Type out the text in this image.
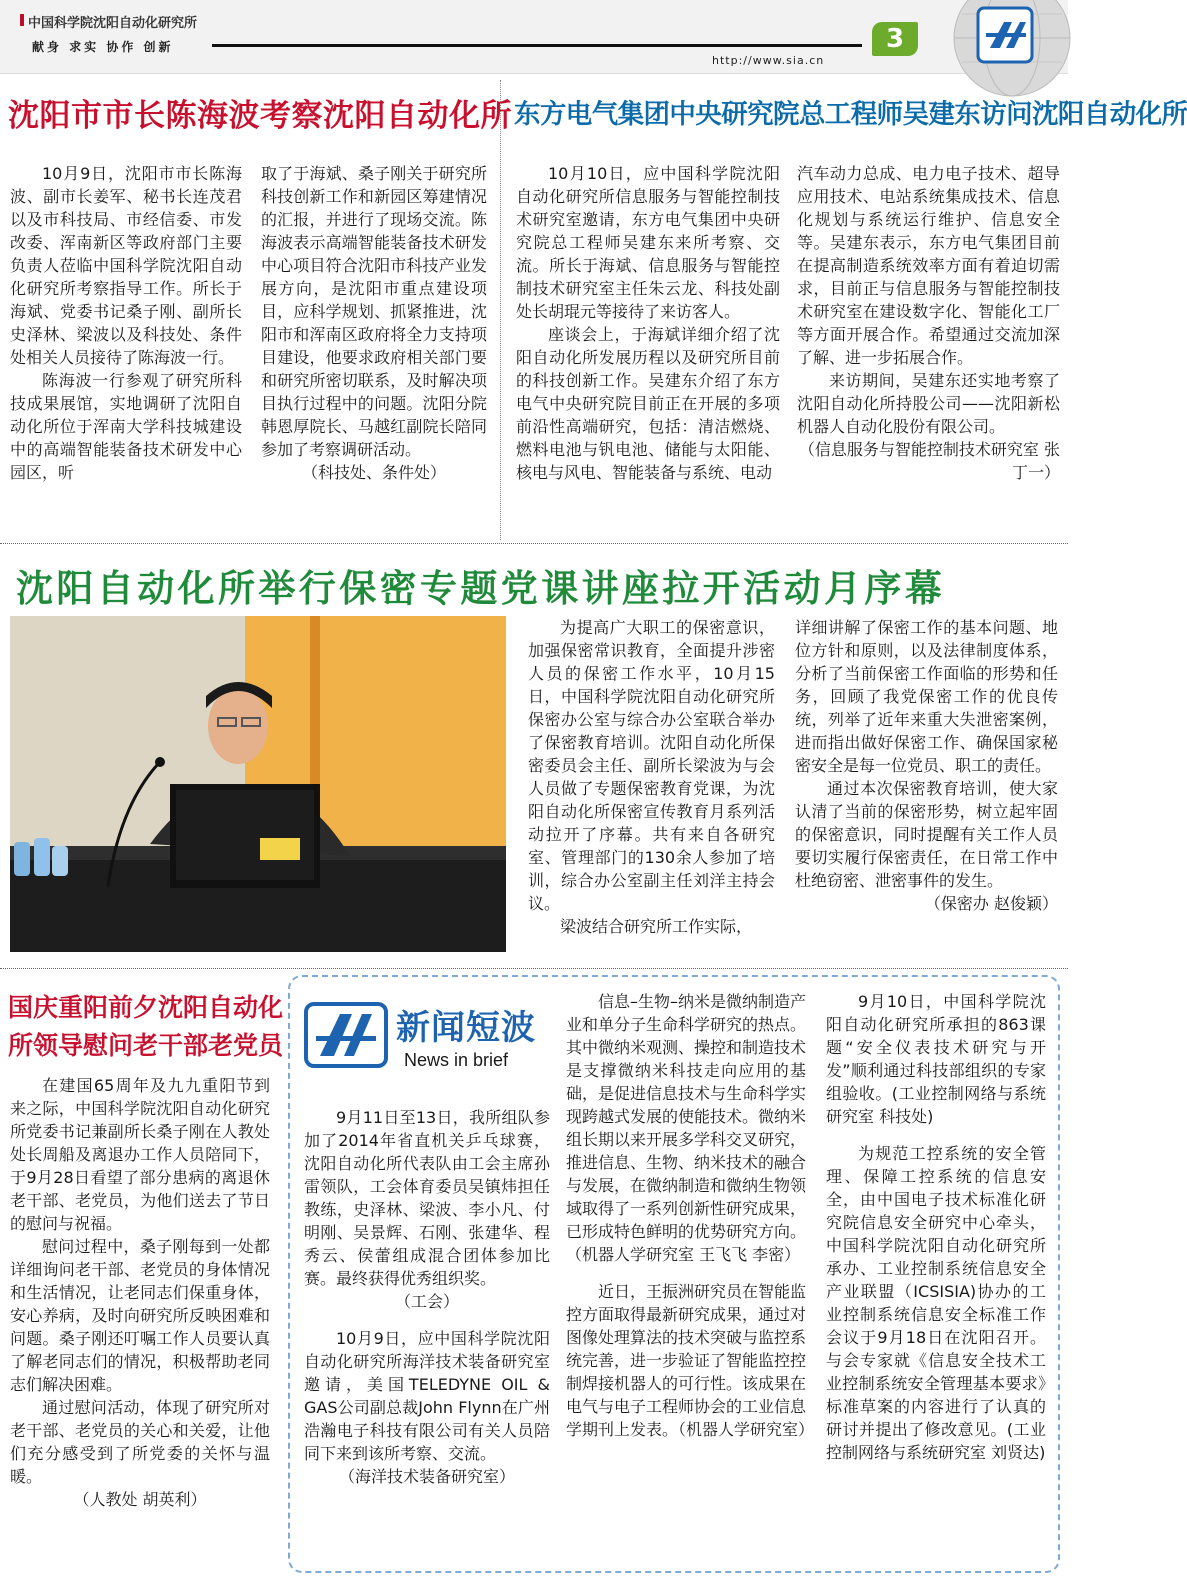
中国科学院沈阳自动化研究所
献身 求实 协作 创新
http://www.sia.cn
3
沈阳市市长陈海波考察沈阳自动化所

10月9日，沈阳市市长陈海波、副市长姜军、秘书长连茂君以及市科技局、市经信委、市发改委、浑南新区等政府部门主要负责人莅临中国科学院沈阳自动化研究所考察指导工作。所长于海斌、党委书记桑子刚、副所长史泽林、梁波以及科技处、条件处相关人员接待了陈海波一行。

陈海波一行参观了研究所科技成果展馆，实地调研了沈阳自动化所位于浑南大学科技城建设中的高端智能装备技术研发中心园区，听

取了于海斌、桑子刚关于研究所科技创新工作和新园区筹建情况的汇报，并进行了现场交流。陈海波表示高端智能装备技术研发中心项目符合沈阳市科技产业发展方向，是沈阳市重点建设项目，应科学规划、抓紧推进，沈阳市和浑南区政府将全力支持项目建设，他要求政府相关部门要和研究所密切联系，及时解决项目执行过程中的问题。沈阳分院韩恩厚院长、马越红副院长陪同参加了考察调研活动。

（科技处、条件处）

东方电气集团中央研究院总工程师吴建东访问沈阳自动化所

10月10日，应中国科学院沈阳自动化研究所信息服务与智能控制技术研究室邀请，东方电气集团中央研究院总工程师吴建东来所考察、交流。所长于海斌、信息服务与智能控制技术研究室主任朱云龙、科技处副处长胡琨元等接待了来访客人。

座谈会上，于海斌详细介绍了沈阳自动化所发展历程以及研究所目前的科技创新工作。吴建东介绍了东方电气中央研究院目前正在开展的多项前沿性高端研究，包括：清洁燃烧、燃料电池与钒电池、储能与太阳能、核电与风电、智能装备与系统、电动

汽车动力总成、电力电子技术、超导应用技术、电站系统集成技术、信息化规划与系统运行维护、信息安全等。吴建东表示，东方电气集团目前在提高制造系统效率方面有着迫切需求，目前正与信息服务与智能控制技术研究室在建设数字化、智能化工厂等方面开展合作。希望通过交流加深了解、进一步拓展合作。

来访期间，吴建东还实地考察了沈阳自动化所持股公司——沈阳新松机器人自动化股份有限公司。

（信息服务与智能控制技术研究室 张丁一）

沈阳自动化所举行保密专题党课讲座拉开活动月序幕

为提高广大职工的保密意识，加强保密常识教育，全面提升涉密人员的保密工作水平，10月15日，中国科学院沈阳自动化研究所保密办公室与综合办公室联合举办了保密教育培训。沈阳自动化所保密委员会主任、副所长梁波为与会人员做了专题保密教育党课，为沈阳自动化所保密宣传教育月系列活动拉开了序幕。共有来自各研究室、管理部门的130余人参加了培训，综合办公室副主任刘洋主持会议。

梁波结合研究所工作实际，

详细讲解了保密工作的基本问题、地位方针和原则，以及法律制度体系，分析了当前保密工作面临的形势和任务，回顾了我党保密工作的优良传统，列举了近年来重大失泄密案例，进而指出做好保密工作、确保国家秘密安全是每一位党员、职工的责任。

通过本次保密教育培训，使大家认清了当前的保密形势，树立起牢固的保密意识，同时提醒有关工作人员要切实履行保密责任，在日常工作中杜绝窃密、泄密事件的发生。

（保密办 赵俊颖）

国庆重阳前夕沈阳自动化
所领导慰问老干部老党员

在建国65周年及九九重阳节到来之际，中国科学院沈阳自动化研究所党委书记兼副所长桑子刚在人教处处长周船及离退办工作人员陪同下，于9月28日看望了部分患病的离退休老干部、老党员，为他们送去了节日的慰问与祝福。

慰问过程中，桑子刚每到一处都详细询问老干部、老党员的身体情况和生活情况，让老同志们保重身体，安心养病，及时向研究所反映困难和问题。桑子刚还叮嘱工作人员要认真了解老同志们的情况，积极帮助老同志们解决困难。

通过慰问活动，体现了研究所对老干部、老党员的关心和关爱，让他们充分感受到了所党委的关怀与温暖。

（人教处 胡英利）

新闻短波
News in brief

9月11日至13日，我所组队参加了2014年省直机关乒乓球赛，沈阳自动化所代表队由工会主席孙雷领队，工会体育委员吴镇炜担任教练，史泽林、梁波、李小凡、付明刚、吴景辉、石刚、张建华、程秀云、侯蕾组成混合团体参加比赛。最终获得优秀组织奖。

（工会）

10月9日，应中国科学院沈阳自动化研究所海洋技术装备研究室邀请，美国TELEDYNE OIL & GAS公司副总裁John Flynn在广州浩瀚电子科技有限公司有关人员陪同下来到该所考察、交流。

（海洋技术装备研究室）

信息–生物–纳米是微纳制造产业和单分子生命科学研究的热点。其中微纳米观测、操控和制造技术是支撑微纳米科技走向应用的基础，是促进信息技术与生命科学实现跨越式发展的使能技术。微纳米组长期以来开展多学科交叉研究，推进信息、生物、纳米技术的融合与发展，在微纳制造和微纳生物领域取得了一系列创新性研究成果，已形成特色鲜明的优势研究方向。（机器人学研究室 王飞飞 李密）

近日，王振洲研究员在智能监控方面取得最新研究成果，通过对图像处理算法的技术突破与监控系统完善，进一步验证了智能监控控制焊接机器人的可行性。该成果在电气与电子工程师协会的工业信息学期刊上发表。（机器人学研究室）

9月10日，中国科学院沈阳自动化研究所承担的863课题“安全仪表技术研究与开发”顺利通过科技部组织的专家组验收。(工业控制网络与系统研究室 科技处)

为规范工控系统的安全管理、保障工控系统的信息安全，由中国电子技术标准化研究院信息安全研究中心牵头，中国科学院沈阳自动化研究所承办、工业控制系统信息安全产业联盟（ICSISIA)协办的工业控制系统信息安全标准工作会议于9月18日在沈阳召开。与会专家就《信息安全技术工业控制系统安全管理基本要求》标准草案的内容进行了认真的研讨并提出了修改意见。(工业控制网络与系统研究室 刘贤达)
